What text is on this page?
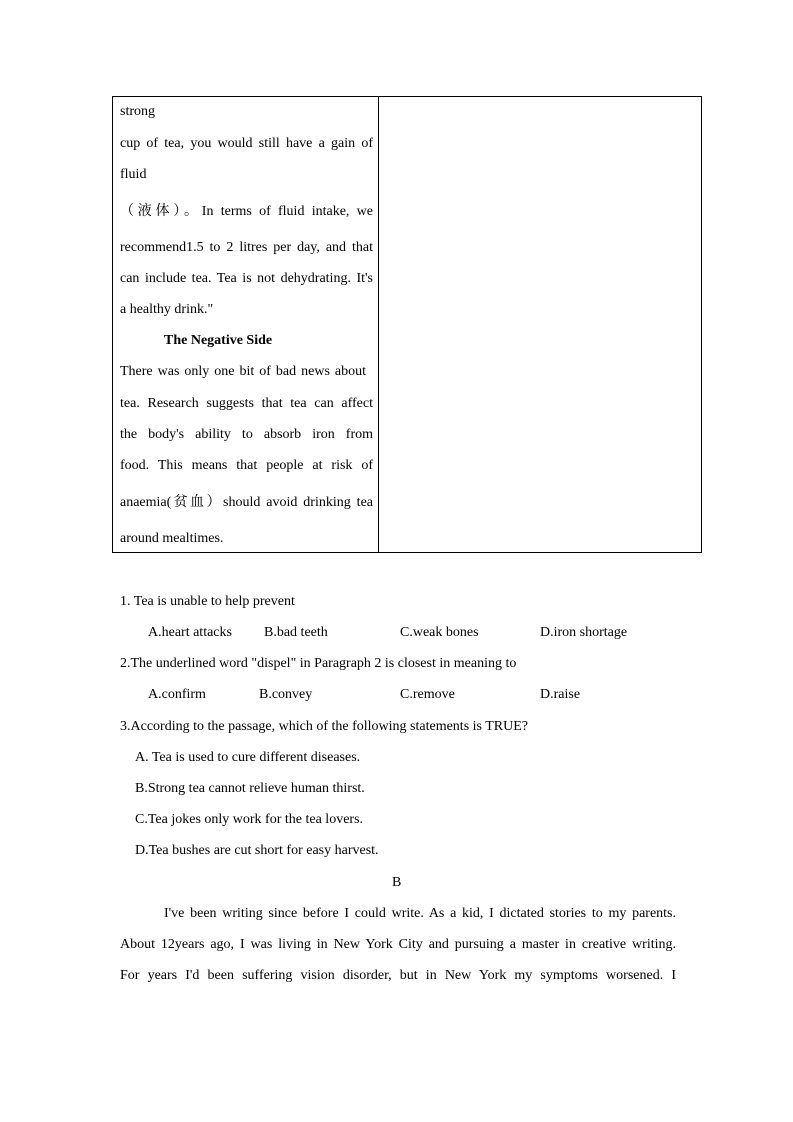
strong
cup of tea, you would still have a gain of
fluid
（液体）。In terms of fluid intake, we
recommend1.5 to 2 litres per day, and that
can include tea. Tea is not dehydrating. It's
a healthy drink."
The Negative Side
There was only one bit of bad news about
tea. Research suggests that tea can affect
the body's ability to absorb iron from
food. This means that people at risk of
anaemia(贫血）should avoid drinking tea
around mealtimes.
1. Tea is unable to help prevent
A.heart attacks B.bad teeth	C.weak bones	D.iron shortage
2.The underlined word "dispel" in Paragraph 2 is closest in meaning to
A.confirm	B.convey	C.remove	D.raise
3.According to the passage, which of the following statements is TRUE?
A. Tea is used to cure different diseases.
B.Strong tea cannot relieve human thirst.
C.Tea jokes only work for the tea lovers.
D.Tea bushes are cut short for easy harvest.
B
I've been writing since before I could write. As a kid, I dictated stories to my parents.
About 12years ago, I was living in New York City and pursuing a master in creative writing.
For years I'd been suffering vision disorder, but in New York my symptoms worsened. I
